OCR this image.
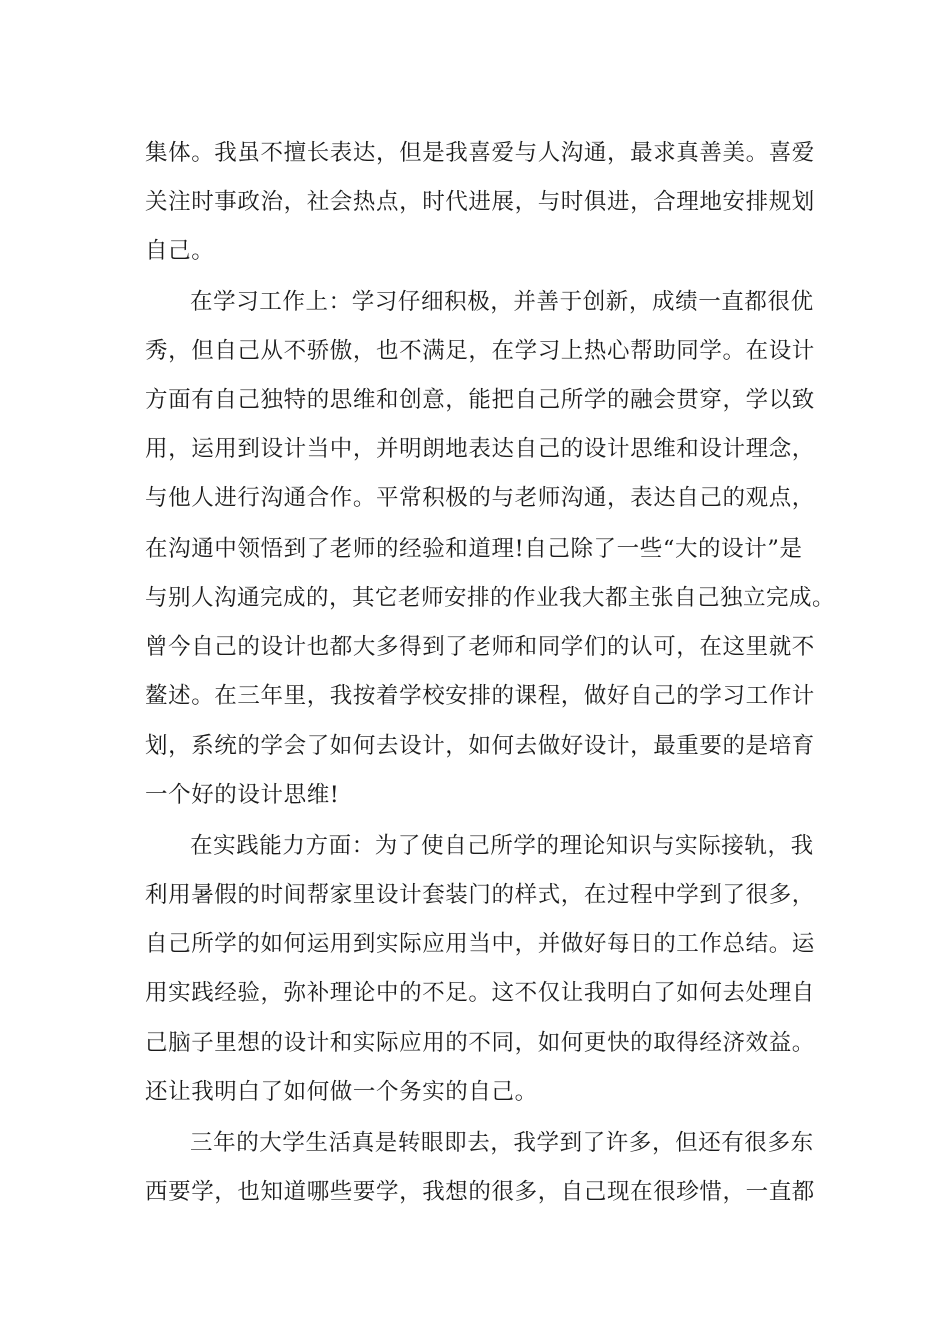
集体。我虽不擅长表达，但是我喜爱与人沟通，最求真善美。喜爱
关注时事政治，社会热点，时代进展，与时俱进，合理地安排规划
自己。
在学习工作上：学习仔细积极，并善于创新，成绩一直都很优
秀，但自己从不骄傲，也不满足，在学习上热心帮助同学。在设计
方面有自己独特的思维和创意，能把自己所学的融会贯穿，学以致
用，运用到设计当中，并明朗地表达自己的设计思维和设计理念，
与他人进行沟通合作。平常积极的与老师沟通，表达自己的观点，
在沟通中领悟到了老师的经验和道理!自己除了一些“大的设计”是
与别人沟通完成的，其它老师安排的作业我大都主张自己独立完成。
曾今自己的设计也都大多得到了老师和同学们的认可，在这里就不
鳌述。在三年里，我按着学校安排的课程，做好自己的学习工作计
划，系统的学会了如何去设计，如何去做好设计，最重要的是培育
一个好的设计思维!
在实践能力方面：为了使自己所学的理论知识与实际接轨，我
利用暑假的时间帮家里设计套装门的样式，在过程中学到了很多，
自己所学的如何运用到实际应用当中，并做好每日的工作总结。运
用实践经验，弥补理论中的不足。这不仅让我明白了如何去处理自
己脑子里想的设计和实际应用的不同，如何更快的取得经济效益。
还让我明白了如何做一个务实的自己。
三年的大学生活真是转眼即去，我学到了许多，但还有很多东
西要学，也知道哪些要学，我想的很多，自己现在很珍惜，一直都
